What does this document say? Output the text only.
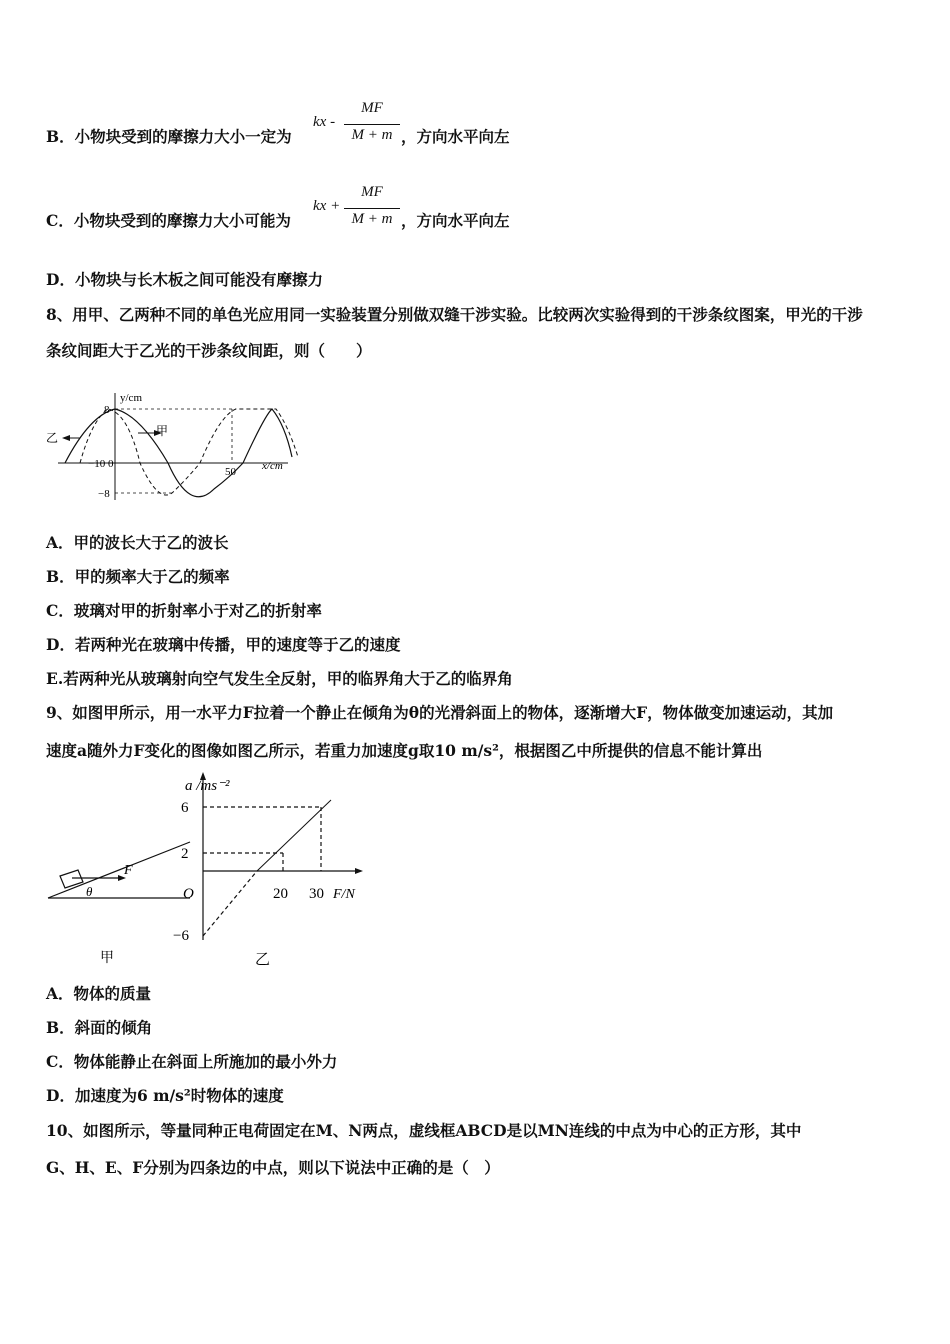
B．小物块受到的摩擦力大小一定为
kx -
MF
M + m ，方向水平向左
C．小物块受到的摩擦力大小可能为
kx +
MF
M + m ，方向水平向左
D．小物块与长木板之间可能没有摩擦力
8、用甲、乙两种不同的单色光应用同一实验装置分别做双缝干涉实验。比较两次实验得到的干涉条纹图案，甲光的干涉
条纹间距大于乙光的干涉条纹间距，则（　　）
y/cm
x/cm
8
−8
−10 0
50
乙	甲
A．甲的波长大于乙的波长
B．甲的频率大于乙的频率
C．玻璃对甲的折射率小于对乙的折射率
D．若两种光在玻璃中传播，甲的速度等于乙的速度
E.若两种光从玻璃射向空气发生全反射，甲的临界角大于乙的临界角
9、如图甲所示，用一水平力F拉着一个静止在倾角为θ的光滑斜面上的物体，逐渐增大F，物体做变加速运动，其加
速度a随外力F变化的图像如图乙所示，若重力加速度g取10 m/s²，根据图乙中所提供的信息不能计算出
F
θ
甲
a /ms⁻²
6
2
−6
O	20 30 F/N
乙
A．物体的质量
B．斜面的倾角
C．物体能静止在斜面上所施加的最小外力
D．加速度为6 m/s²时物体的速度
10、如图所示，等量同种正电荷固定在M、N两点，虚线框ABCD是以MN连线的中点为中心的正方形，其中
G、H、E、F分别为四条边的中点，则以下说法中正确的是（　）
